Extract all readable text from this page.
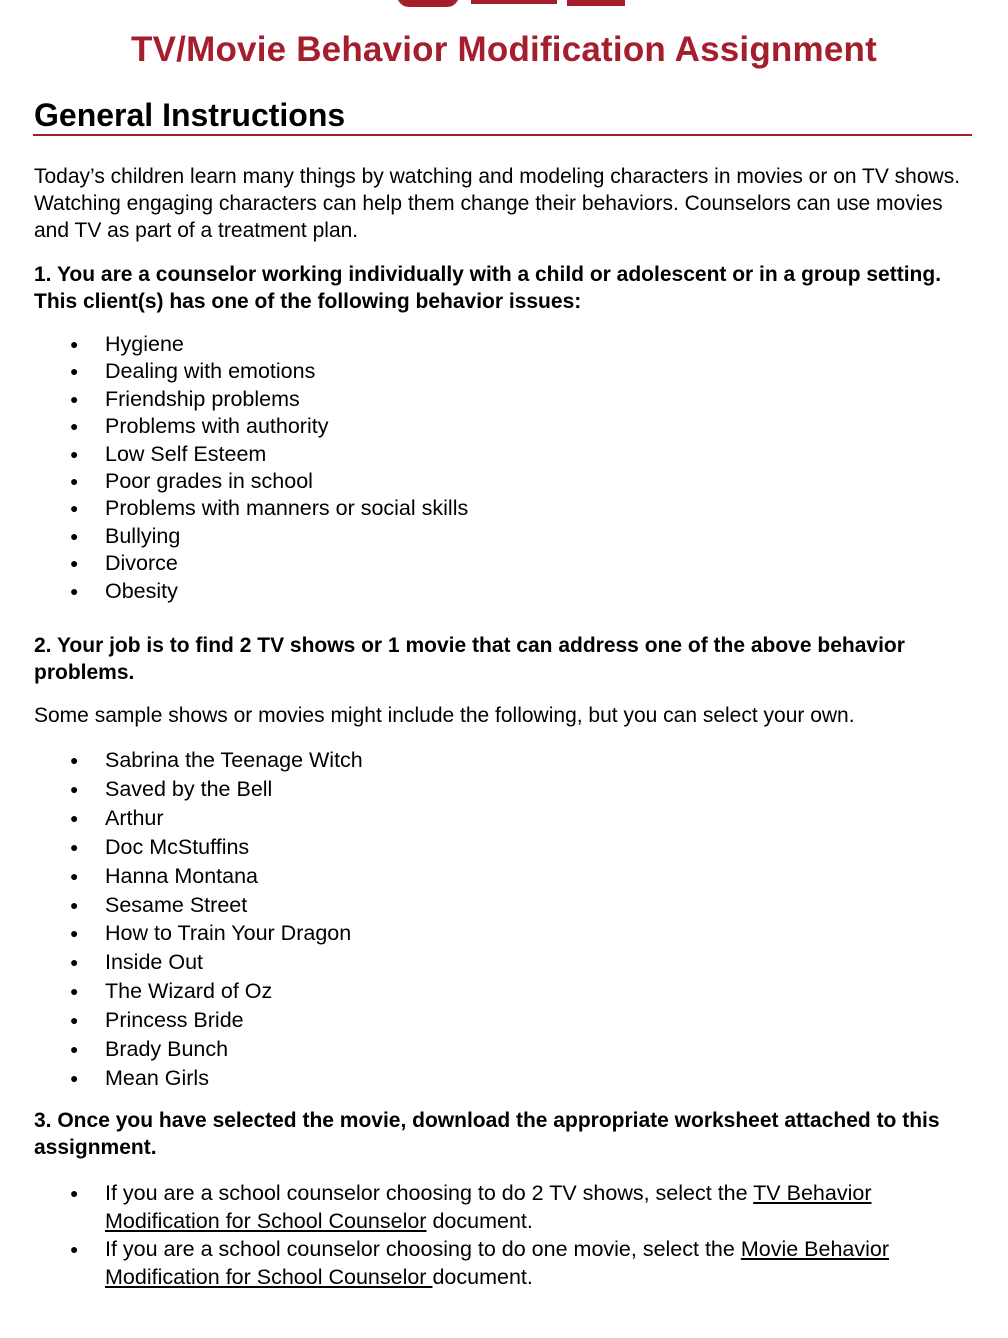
TV/Movie Behavior Modification Assignment
General Instructions

Today’s children learn many things by watching and modeling characters in movies or on TV shows. Watching engaging characters can help them change their behaviors. Counselors can use movies and TV as part of a treatment plan.

1. You are a counselor working individually with a child or adolescent or in a group setting. This client(s) has one of the following behavior issues:

● Hygiene
● Dealing with emotions
● Friendship problems
● Problems with authority
● Low Self Esteem
● Poor grades in school
● Problems with manners or social skills
● Bullying
● Divorce
● Obesity

2. Your job is to find 2 TV shows or 1 movie that can address one of the above behavior problems.

Some sample shows or movies might include the following, but you can select your own.

● Sabrina the Teenage Witch
● Saved by the Bell
● Arthur
● Doc McStuffins
● Hanna Montana
● Sesame Street
● How to Train Your Dragon
● Inside Out
● The Wizard of Oz
● Princess Bride
● Brady Bunch
● Mean Girls

3. Once you have selected the movie, download the appropriate worksheet attached to this assignment.

● If you are a school counselor choosing to do 2 TV shows, select the TV Behavior Modification for School Counselor document.
● If you are a school counselor choosing to do one movie, select the Movie Behavior Modification for School Counselor document.
